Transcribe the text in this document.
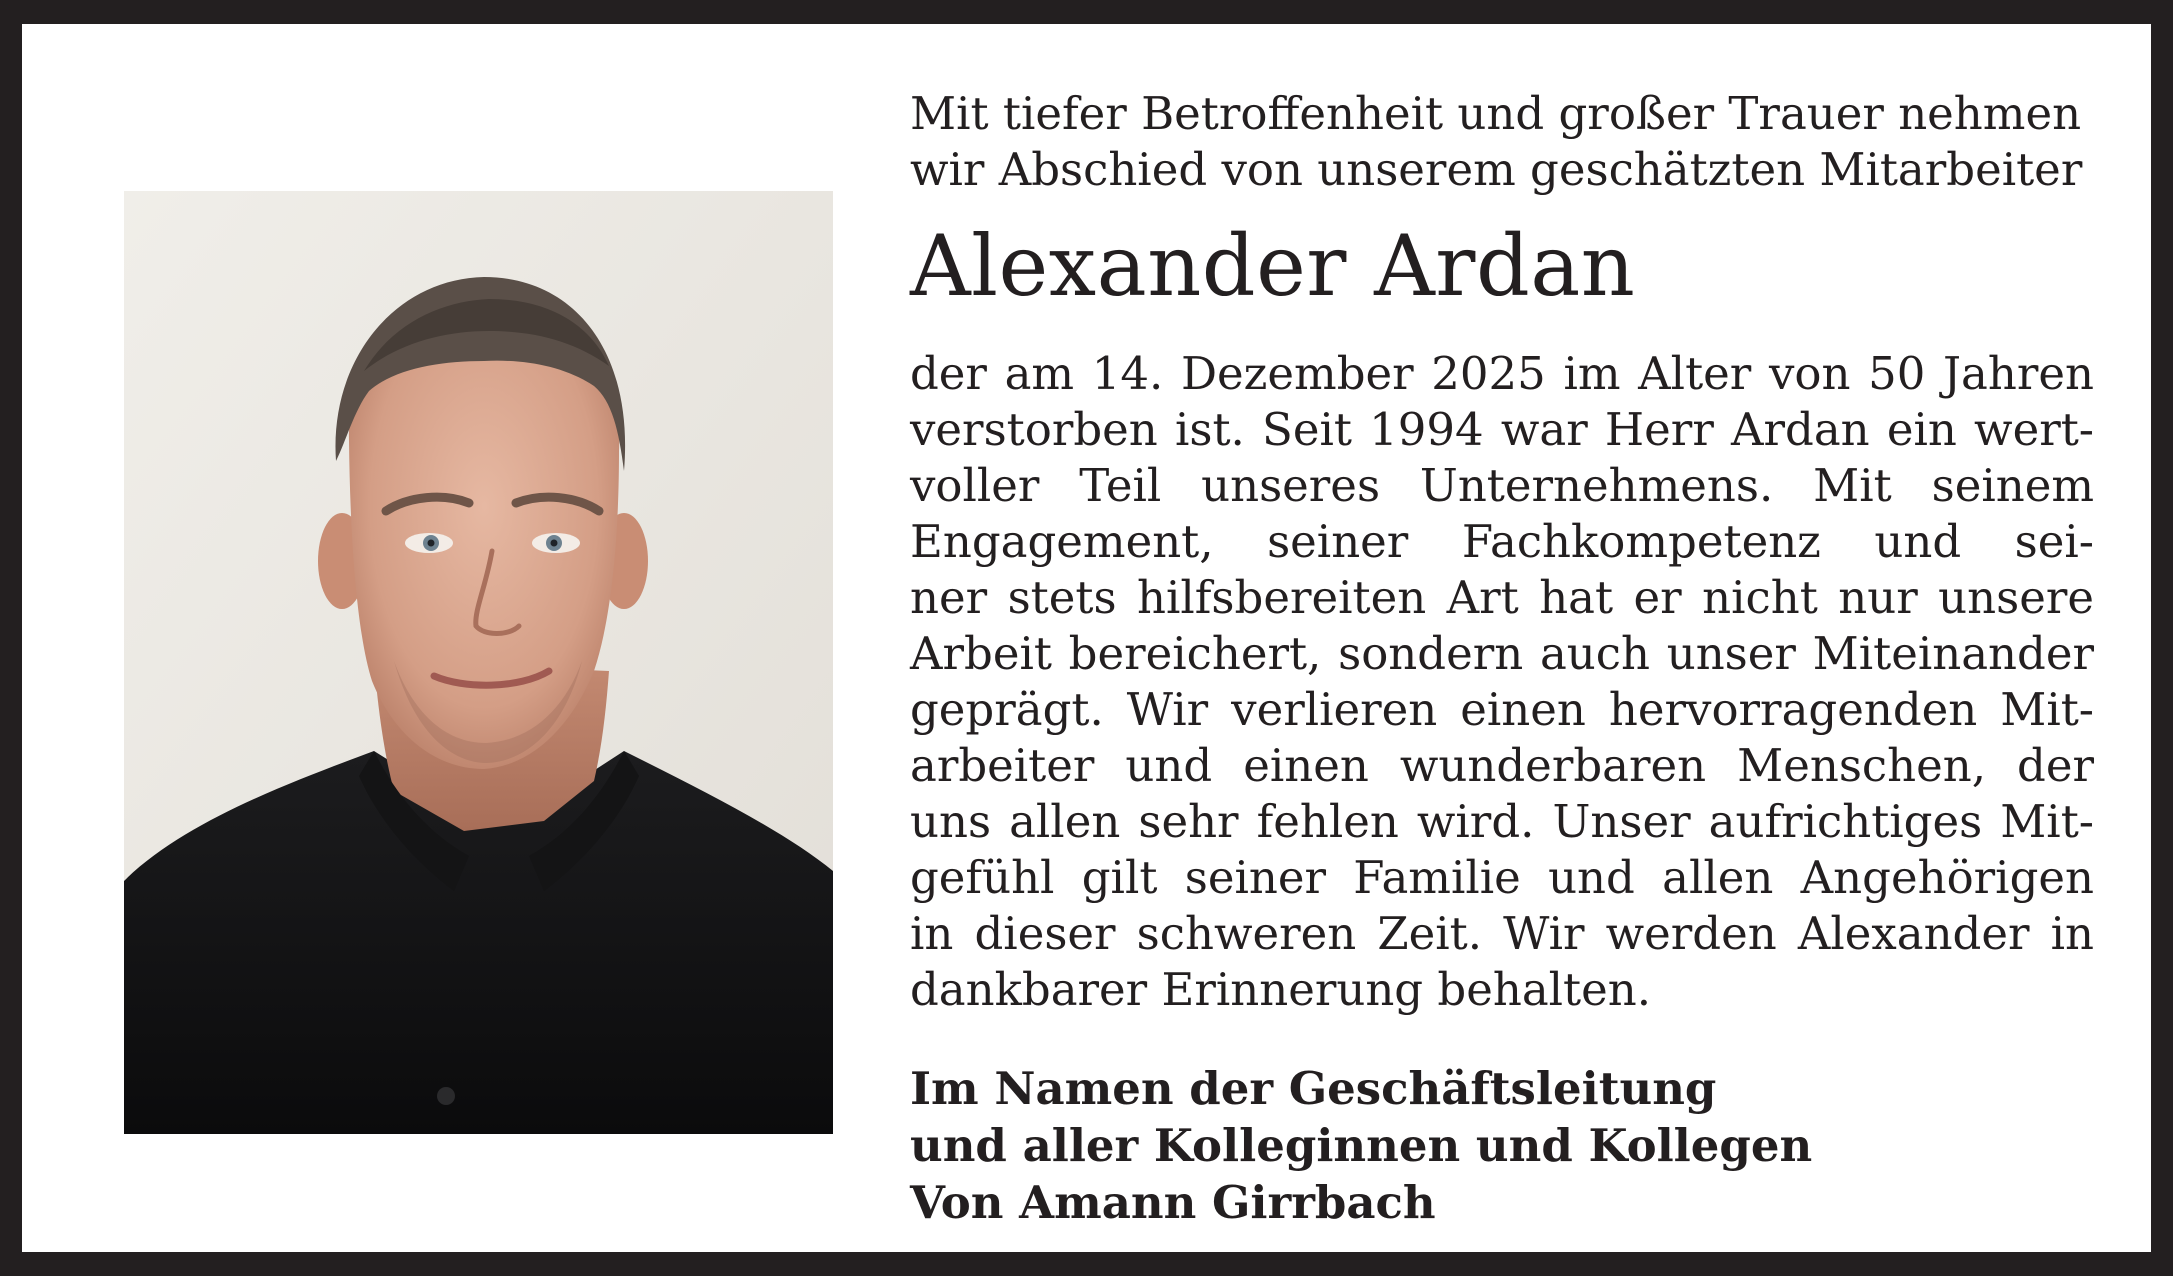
Mit tiefer Betroffenheit und großer Trauer nehmen
wir Abschied von unserem geschätzten Mitarbeiter
Alexander Ardan
der am 14. Dezember 2025 im Alter von 50 Jahren
verstorben ist. Seit 1994 war Herr Ardan ein wert-
voller Teil unseres Unternehmens. Mit seinem
Engagement, seiner Fachkompetenz und sei-
ner stets hilfsbereiten Art hat er nicht nur unsere
Arbeit bereichert, sondern auch unser Miteinander
geprägt. Wir verlieren einen hervorragenden Mit-
arbeiter und einen wunderbaren Menschen, der
uns allen sehr fehlen wird. Unser aufrichtiges Mit-
gefühl gilt seiner Familie und allen Angehörigen
in dieser schweren Zeit. Wir werden Alexander in
dankbarer Erinnerung behalten.
Im Namen der Geschäftsleitung
und aller Kolleginnen und Kollegen
Von Amann Girrbach
